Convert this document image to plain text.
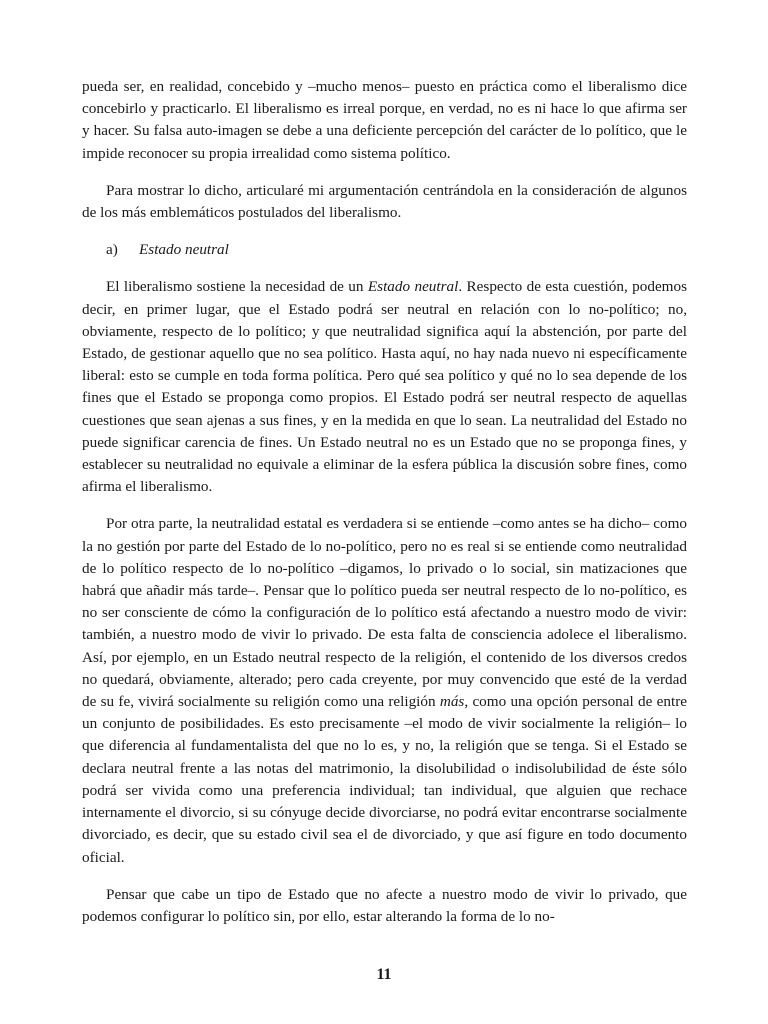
pueda ser, en realidad, concebido y –mucho menos– puesto en práctica como el liberalismo dice concebirlo y practicarlo. El liberalismo es irreal porque, en verdad, no es ni hace lo que afirma ser y hacer. Su falsa auto-imagen se debe a una deficiente percepción del carácter de lo político, que le impide reconocer su propia irrealidad como sistema político.

Para mostrar lo dicho, articularé mi argumentación centrándola en la consideración de algunos de los más emblemáticos postulados del liberalismo.

a) Estado neutral

El liberalismo sostiene la necesidad de un Estado neutral. Respecto de esta cuestión, podemos decir, en primer lugar, que el Estado podrá ser neutral en relación con lo no-político; no, obviamente, respecto de lo político; y que neutralidad significa aquí la abstención, por parte del Estado, de gestionar aquello que no sea político. Hasta aquí, no hay nada nuevo ni específicamente liberal: esto se cumple en toda forma política. Pero qué sea político y qué no lo sea depende de los fines que el Estado se proponga como propios. El Estado podrá ser neutral respecto de aquellas cuestiones que sean ajenas a sus fines, y en la medida en que lo sean. La neutralidad del Estado no puede significar carencia de fines. Un Estado neutral no es un Estado que no se proponga fines, y establecer su neutralidad no equivale a eliminar de la esfera pública la discusión sobre fines, como afirma el liberalismo.

Por otra parte, la neutralidad estatal es verdadera si se entiende –como antes se ha dicho– como la no gestión por parte del Estado de lo no-político, pero no es real si se entiende como neutralidad de lo político respecto de lo no-político –digamos, lo privado o lo social, sin matizaciones que habrá que añadir más tarde–. Pensar que lo político pueda ser neutral respecto de lo no-político, es no ser consciente de cómo la configuración de lo político está afectando a nuestro modo de vivir: también, a nuestro modo de vivir lo privado. De esta falta de consciencia adolece el liberalismo. Así, por ejemplo, en un Estado neutral respecto de la religión, el contenido de los diversos credos no quedará, obviamente, alterado; pero cada creyente, por muy convencido que esté de la verdad de su fe, vivirá socialmente su religión como una religión más, como una opción personal de entre un conjunto de posibilidades. Es esto precisamente –el modo de vivir socialmente la religión– lo que diferencia al fundamentalista del que no lo es, y no, la religión que se tenga. Si el Estado se declara neutral frente a las notas del matrimonio, la disolubilidad o indisolubilidad de éste sólo podrá ser vivida como una preferencia individual; tan individual, que alguien que rechace internamente el divorcio, si su cónyuge decide divorciarse, no podrá evitar encontrarse socialmente divorciado, es decir, que su estado civil sea el de divorciado, y que así figure en todo documento oficial.

Pensar que cabe un tipo de Estado que no afecte a nuestro modo de vivir lo privado, que podemos configurar lo político sin, por ello, estar alterando la forma de lo no-

11
